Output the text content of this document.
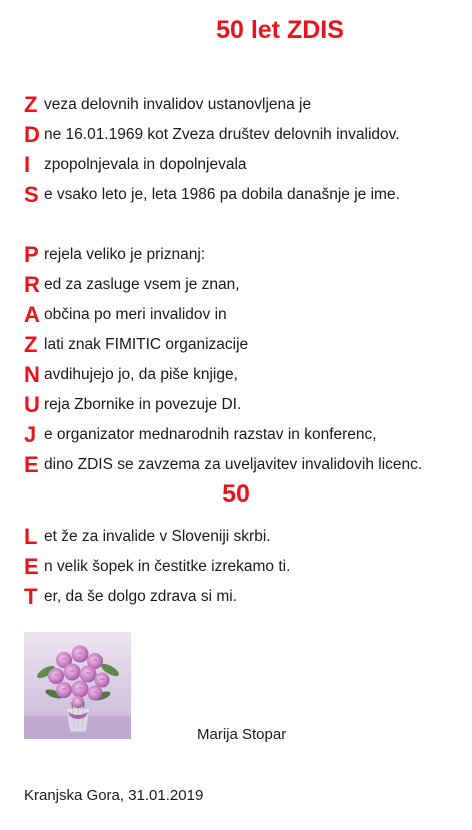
50 let ZDIS
Z veza delovnih invalidov ustanovljena je
D ne 16.01.1969 kot Zveza društev delovnih invalidov.
I zpopolnjevala in dopolnjevala
S e vsako leto je, leta 1986 pa dobila današnje je ime.
P rejela veliko je priznanj:
R ed za zasluge vsem je znan,
A občina po meri invalidov in
Z lati znak FIMITIC organizacije
N avdihujejo jo, da piše knjige,
U reja Zbornike in povezuje DI.
J e organizator mednarodnih razstav in konferenc,
E dino ZDIS se zavzema za uveljavitev invalidovih licenc.
50
L et že za invalide v Sloveniji skrbi.
E n velik šopek in čestitke izrekamo ti.
T er, da še dolgo zdrava si mi.
Marija Stopar
Kranjska Gora, 31.01.2019
